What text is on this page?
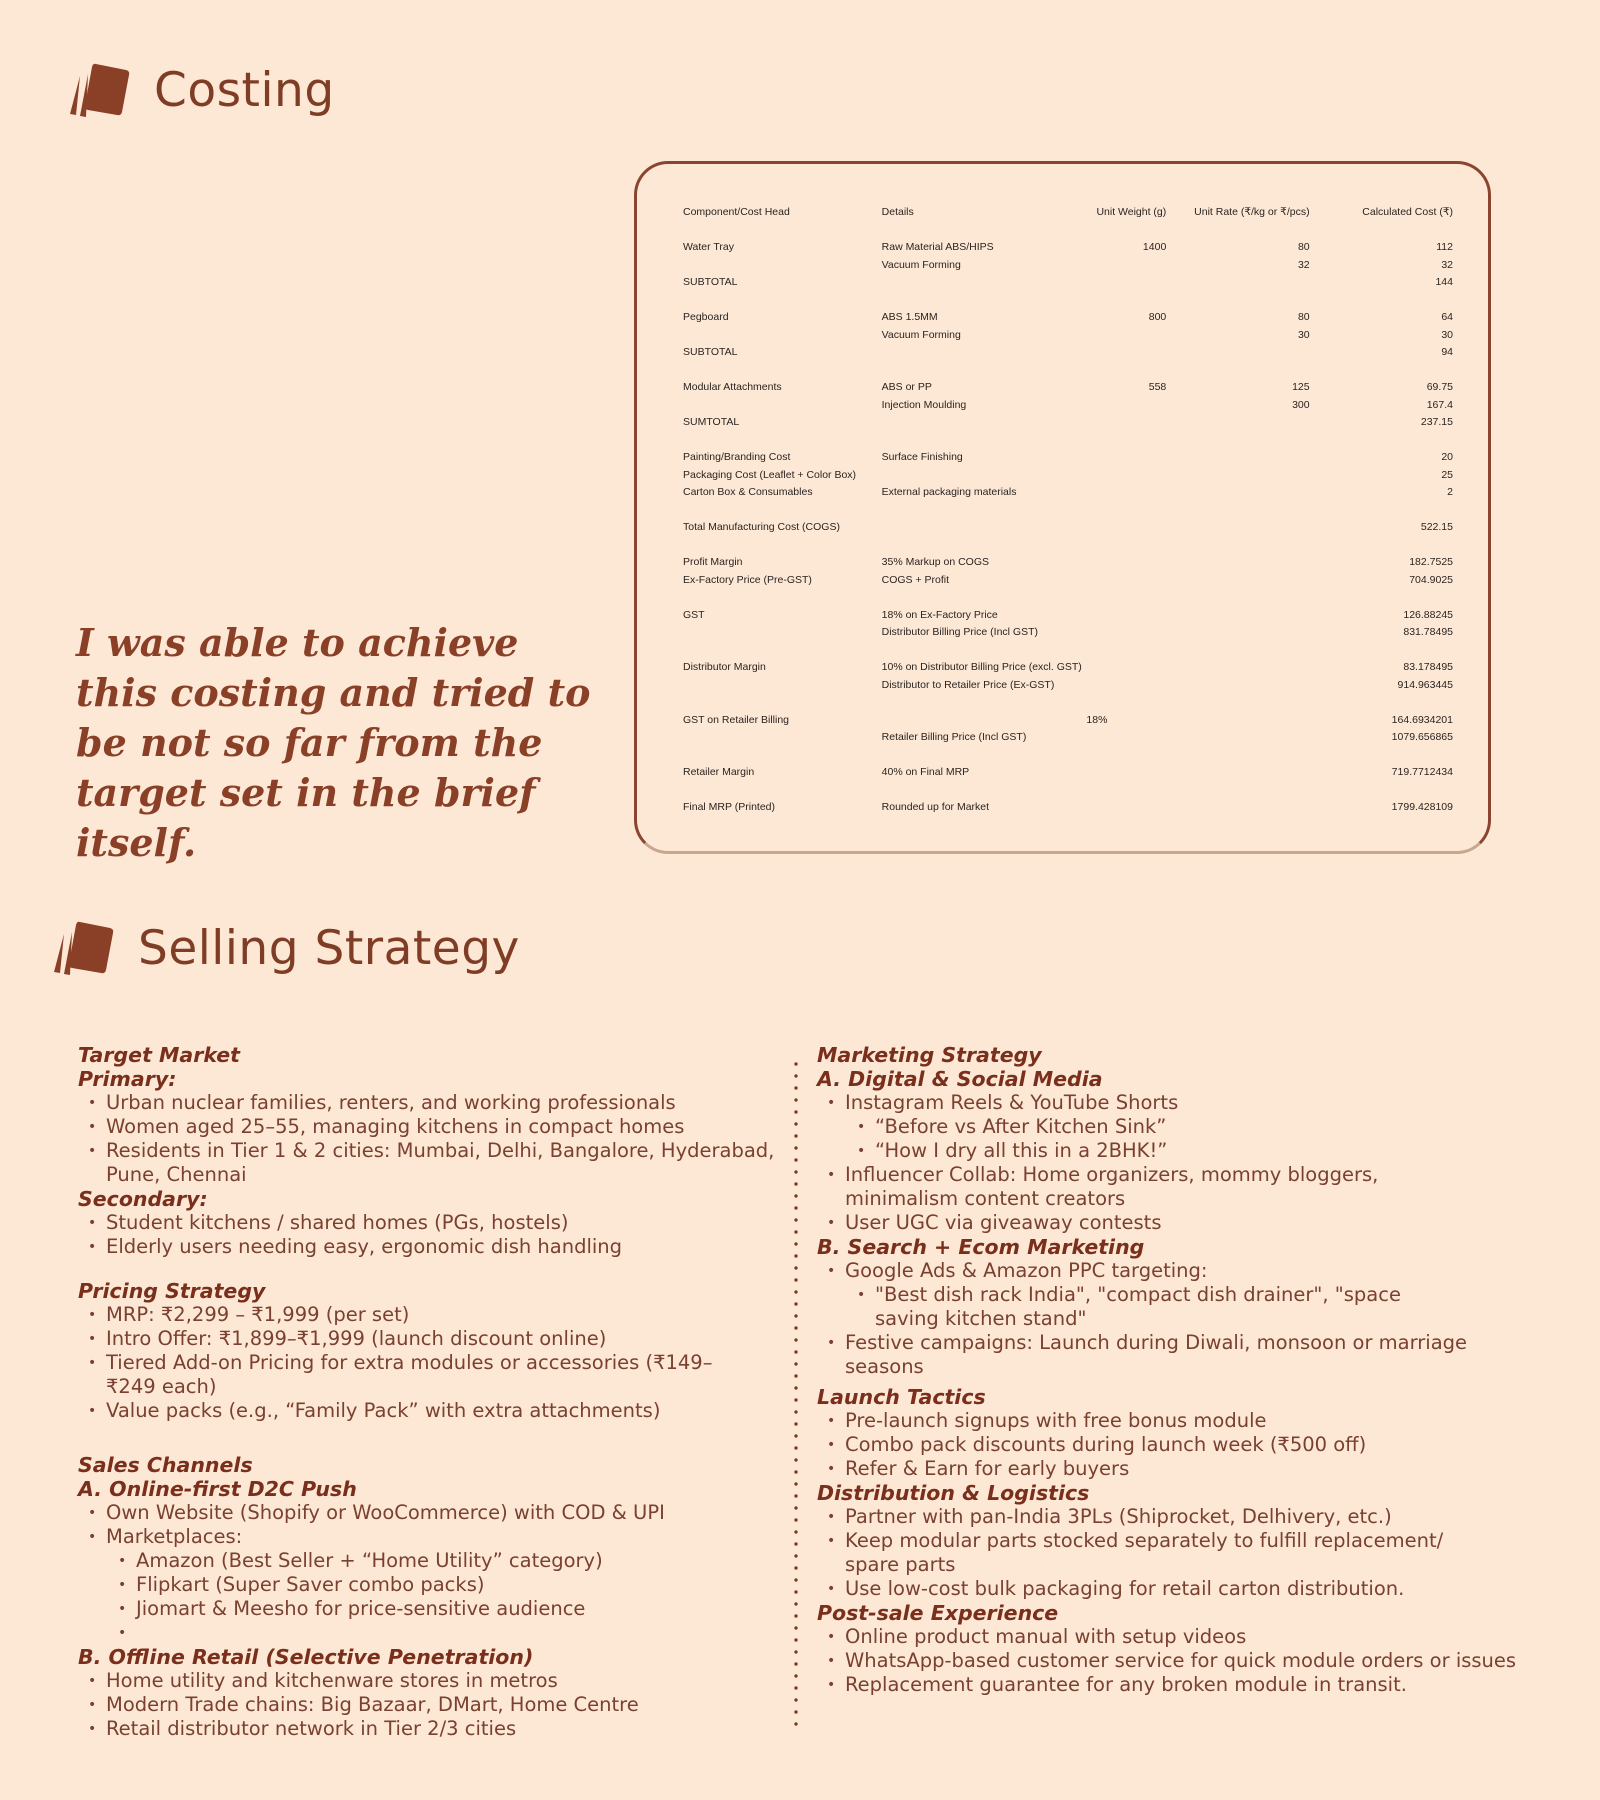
Costing

I was able to achieve this costing and tried to be not so far from the target set in the brief itself.

Component/Cost Head	Details	Unit Weight (g)	Unit Rate (₹/kg or ₹/pcs)	Calculated Cost (₹)

Water Tray	Raw Material ABS/HIPS	1400	80	112
	Vacuum Forming		32	32
SUBTOTAL				144

Pegboard	ABS 1.5MM	800	80	64
	Vacuum Forming		30	30
SUBTOTAL				94

Modular Attachments	ABS or PP	558	125	69.75
	Injection Moulding		300	167.4
SUMTOTAL				237.15

Painting/Branding Cost	Surface Finishing			20
Packaging Cost (Leaflet + Color Box)				25
Carton Box & Consumables	External packaging materials			2

Total Manufacturing Cost (COGS)				522.15

Profit Margin	35% Markup on COGS			182.7525
Ex-Factory Price (Pre-GST)	COGS + Profit			704.9025

GST	18% on Ex-Factory Price			126.88245
	Distributor Billing Price (Incl GST)			831.78495

Distributor Margin	10% on Distributor Billing Price (excl. GST)			83.178495
	Distributor to Retailer Price (Ex-GST)			914.963445

GST on Retailer Billing		18%		164.6934201
	Retailer Billing Price (Incl GST)			1079.656865

Retailer Margin	40% on Final MRP			719.7712434

Final MRP (Printed)	Rounded up for Market			1799.428109
Selling Strategy
Target Market
Primary:
• Urban nuclear families, renters, and working professionals
• Women aged 25–55, managing kitchens in compact homes
• Residents in Tier 1 & 2 cities: Mumbai, Delhi, Bangalore, Hyderabad, Pune, Chennai
Secondary:
• Student kitchens / shared homes (PGs, hostels)
• Elderly users needing easy, ergonomic dish handling
Pricing Strategy
• MRP: ₹2,299 – ₹1,999 (per set)
• Intro Offer: ₹1,899–₹1,999 (launch discount online)
• Tiered Add-on Pricing for extra modules or accessories (₹149–₹249 each)
• Value packs (e.g., “Family Pack” with extra attachments)
Sales Channels
A. Online-first D2C Push
• Own Website (Shopify or WooCommerce) with COD & UPI
• Marketplaces:
• Amazon (Best Seller + “Home Utility” category)
• Flipkart (Super Saver combo packs)
• Jiomart & Meesho for price-sensitive audience
•
B. Offline Retail (Selective Penetration)
• Home utility and kitchenware stores in metros
• Modern Trade chains: Big Bazaar, DMart, Home Centre
• Retail distributor network in Tier 2/3 cities
Marketing Strategy
A. Digital & Social Media
• Instagram Reels & YouTube Shorts
• “Before vs After Kitchen Sink”
• “How I dry all this in a 2BHK!”
• Influencer Collab: Home organizers, mommy bloggers, minimalism content creators
• User UGC via giveaway contests
B. Search + Ecom Marketing
• Google Ads & Amazon PPC targeting:
• "Best dish rack India", "compact dish drainer", "space saving kitchen stand"
• Festive campaigns: Launch during Diwali, monsoon or marriage seasons
Launch Tactics
• Pre-launch signups with free bonus module
• Combo pack discounts during launch week (₹500 off)
• Refer & Earn for early buyers
Distribution & Logistics
• Partner with pan-India 3PLs (Shiprocket, Delhivery, etc.)
• Keep modular parts stocked separately to fulfill replacement/ spare parts
• Use low-cost bulk packaging for retail carton distribution.
Post-sale Experience
• Online product manual with setup videos
• WhatsApp-based customer service for quick module orders or issues
• Replacement guarantee for any broken module in transit.
